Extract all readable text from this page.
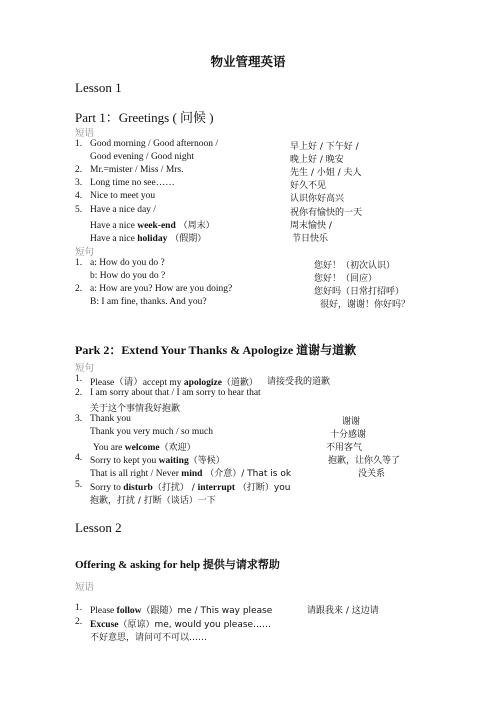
物业管理英语
Lesson 1
Part 1：Greetings ( 问候 )
短语
1. Good morning / Good afternoon /	早上好 / 下午好 /
Good evening / Good night	晚上好 / 晚安
2. Mr.=mister / Miss / Mrs.	先生 / 小姐 / 夫人
3. Long time no see……	好久不见
4. Nice to meet you	认识你好高兴
5. Have a nice day /	祝你有愉快的一天
Have a nice week-end （周末）	周末愉快 /
Have a nice holiday （假期）	节日快乐
短句
1. a: How do you do ?	您好！（初次认识）
b: How do you do ?	您好！（回应）
2. a: How are you? How are you doing?	您好吗（日常打招呼）
B: I am fine, thanks. And you?	很好，谢谢！你好吗？
Park 2：Extend Your Thanks & Apologize 道谢与道歉
短句
1. Please（请）accept my apologize（道歉） 请接受我的道歉
2. I am sorry about that / I am sorry to hear that
关于这个事情我好抱歉
3. Thank you	谢谢
Thank you very much / so much	十分感谢
You are welcome（欢迎）	不用客气
4. Sorry to kept you waiting（等候）	抱歉，让你久等了
That is all right / Never mind （介意）/ That is ok	没关系
5. Sorry to disturb（打扰） / interrupt （打断）you
抱歉，打扰 / 打断（谈话）一下
Lesson 2
Offering & asking for help 提供与请求帮助
短语
1. Please follow（跟随）me / This way please	请跟我来 / 这边请
2. Excuse（原谅）me, would you please……
不好意思，请问可不可以……
